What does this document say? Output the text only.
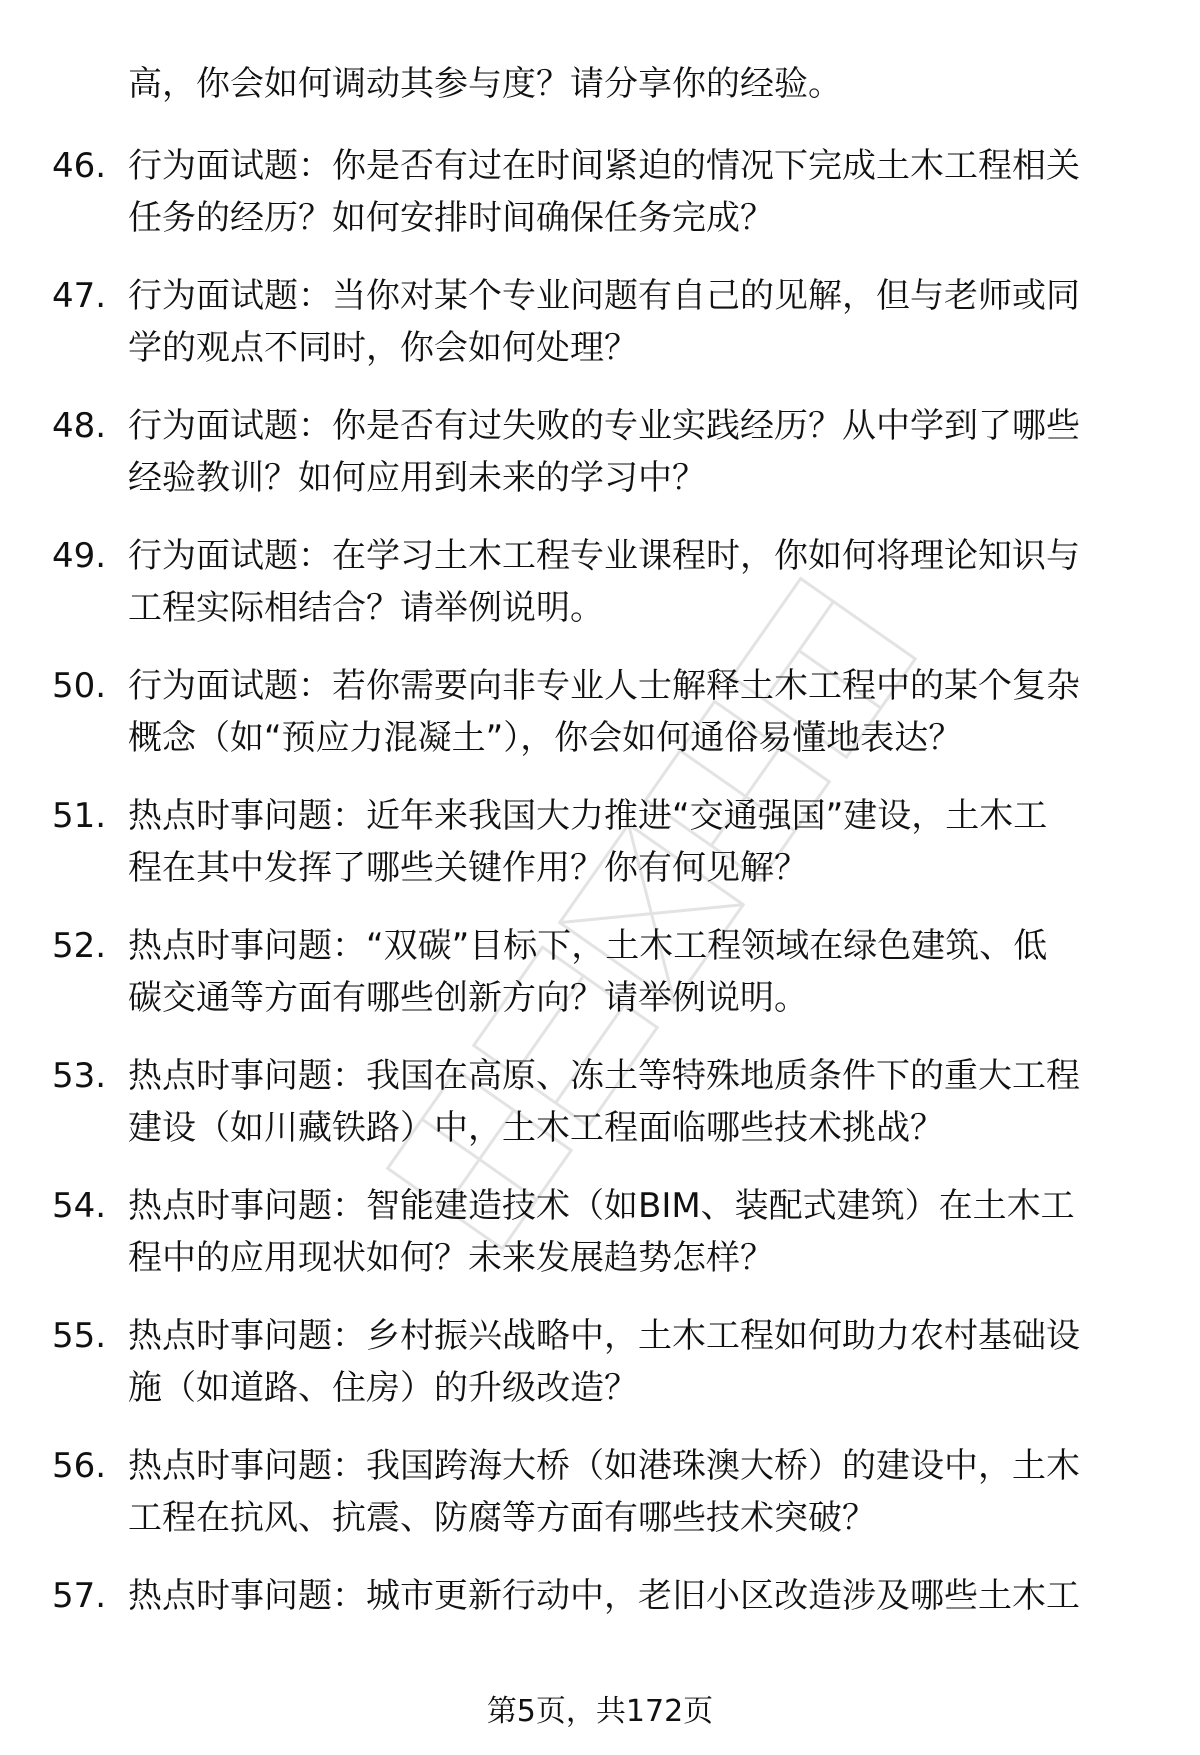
高，你会如何调动其参与度？请分享你的经验。
46. 行为面试题：你是否有过在时间紧迫的情况下完成土木工程相关
任务的经历？如何安排时间确保任务完成？

47. 行为面试题：当你对某个专业问题有自己的见解，但与老师或同
学的观点不同时，你会如何处理？

48. 行为面试题：你是否有过失败的专业实践经历？从中学到了哪些
经验教训？如何应用到未来的学习中？

49. 行为面试题：在学习土木工程专业课程时，你如何将理论知识与
工程实际相结合？请举例说明。

50. 行为面试题：若你需要向非专业人士解释土木工程中的某个复杂
概念（如“预应力混凝土”），你会如何通俗易懂地表达？

51. 热点时事问题：近年来我国大力推进“交通强国”建设，土木工
程在其中发挥了哪些关键作用？你有何见解？

52. 热点时事问题：“双碳”目标下，土木工程领域在绿色建筑、低
碳交通等方面有哪些创新方向？请举例说明。

53. 热点时事问题：我国在高原、冻土等特殊地质条件下的重大工程
建设（如川藏铁路）中，土木工程面临哪些技术挑战？

54. 热点时事问题：智能建造技术（如BIM、装配式建筑）在土木工
程中的应用现状如何？未来发展趋势怎样？

55. 热点时事问题：乡村振兴战略中，土木工程如何助力农村基础设
施（如道路、住房）的升级改造？

56. 热点时事问题：我国跨海大桥（如港珠澳大桥）的建设中，土木
工程在抗风、抗震、防腐等方面有哪些技术突破？

57. 热点时事问题：城市更新行动中，老旧小区改造涉及哪些土木工

第5页，共172页
